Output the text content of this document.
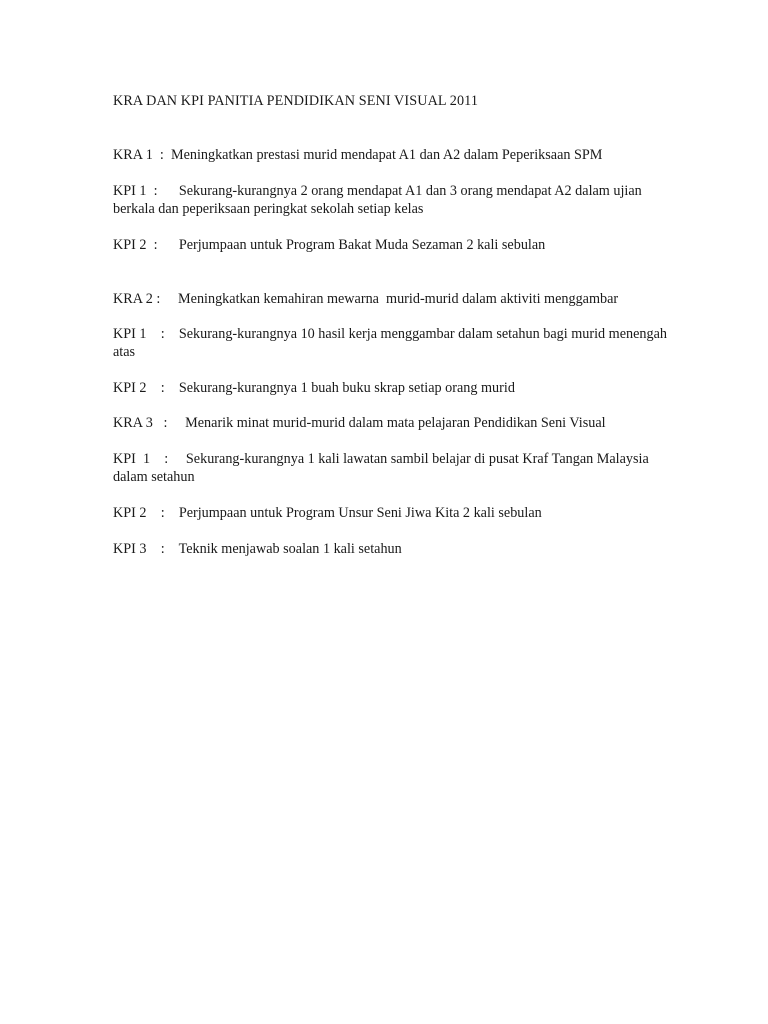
KRA DAN KPI PANITIA PENDIDIKAN SENI VISUAL 2011

KRA 1  :  Meningkatkan prestasi murid mendapat A1 dan A2 dalam Peperiksaan SPM

KPI 1  :      Sekurang-kurangnya 2 orang mendapat A1 dan 3 orang mendapat A2 dalam ujian berkala dan peperiksaan peringkat sekolah setiap kelas

KPI 2  :      Perjumpaan untuk Program Bakat Muda Sezaman 2 kali sebulan

KRA 2 :     Meningkatkan kemahiran mewarna  murid-murid dalam aktiviti menggambar

KPI 1    :    Sekurang-kurangnya 10 hasil kerja menggambar dalam setahun bagi murid menengah atas

KPI 2    :    Sekurang-kurangnya 1 buah buku skrap setiap orang murid

KRA 3   :     Menarik minat murid-murid dalam mata pelajaran Pendidikan Seni Visual

KPI  1    :     Sekurang-kurangnya 1 kali lawatan sambil belajar di pusat Kraf Tangan Malaysia  dalam setahun

KPI 2    :    Perjumpaan untuk Program Unsur Seni Jiwa Kita 2 kali sebulan

KPI 3    :    Teknik menjawab soalan 1 kali setahun
